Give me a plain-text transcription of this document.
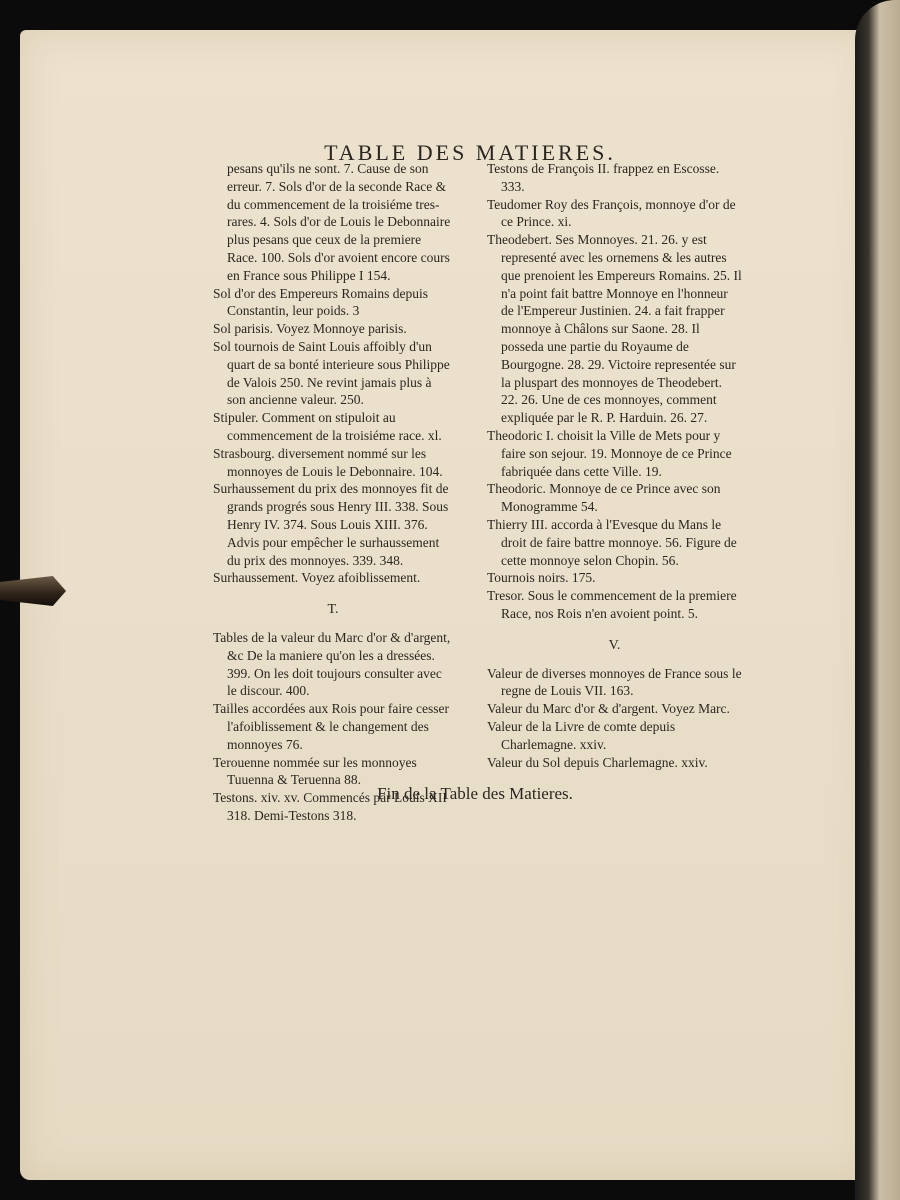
TABLE DES MATIERES.

pesans qu'ils ne sont. 7. Cause de son erreur. 7. Sols d'or de la seconde Race & du commencement de la troisiéme tres-rares. 4. Sols d'or de Louis le Debonnaire plus pesans que ceux de la premiere Race. 100. Sols d'or avoient encore cours en France sous Philippe I 154.

Sol d'or des Empereurs Romains depuis Constantin, leur poids. 3

Sol parisis. Voyez Monnoye parisis.

Sol tournois de Saint Louis affoibly d'un quart de sa bonté interieure sous Philippe de Valois 250. Ne revint jamais plus à son ancienne valeur. 250.

Stipuler. Comment on stipuloit au commencement de la troisiéme race. xl.

Strasbourg. diversement nommé sur les monnoyes de Louis le Debonnaire. 104.

Surhaussement du prix des monnoyes fit de grands progrés sous Henry III. 338. Sous Henry IV. 374. Sous Louis XIII. 376. Advis pour empêcher le surhaussement du prix des monnoyes. 339. 348.

Surhaussement. Voyez afoiblissement.

T.

Tables de la valeur du Marc d'or & d'argent, &c De la maniere qu'on les a dressées. 399. On les doit toujours consulter avec le discour. 400.

Tailles accordées aux Rois pour faire cesser l'afoiblissement & le changement des monnoyes 76.

Terouenne nommée sur les monnoyes Tuuenna & Teruenna 88.

Testons. xiv. xv. Commencés par Louis XII 318. Demi-Testons 318.

Testons de François II. frappez en Escosse. 333.

Teudomer Roy des François, monnoye d'or de ce Prince. xi.

Theodebert. Ses Monnoyes. 21. 26. y est representé avec les ornemens & les autres que prenoient les Empereurs Romains. 25. Il n'a point fait battre Monnoye en l'honneur de l'Empereur Justinien. 24. a fait frapper monnoye à Châlons sur Saone. 28. Il possedа une partie du Royaume de Bourgogne. 28. 29. Victoire representée sur la pluspart des monnoyes de Theodebert. 22. 26. Une de ces monnoyes, comment expliquée par le R. P. Harduin. 26. 27.

Theodoric I. choisit la Ville de Mets pour y faire son sejour. 19. Monnoye de ce Prince fabriquée dans cette Ville. 19.

Theodoric. Monnoye de ce Prince avec son Monogramme 54.

Thierry III. accorda à l'Evesque du Mans le droit de faire battre monnoye. 56. Figure de cette monnoye selon Chopin. 56.

Tournois noirs. 175.

Tresor. Sous le commencement de la premiere Race, nos Rois n'en avoient point. 5.

V.

Valeur de diverses monnoyes de France sous le regne de Louis VII. 163.

Valeur du Marc d'or & d'argent. Voyez Marc.

Valeur de la Livre de comte depuis Charlemagne. xxiv.

Valeur du Sol depuis Charlemagne. xxiv.

Fin de la Table des Matieres.
